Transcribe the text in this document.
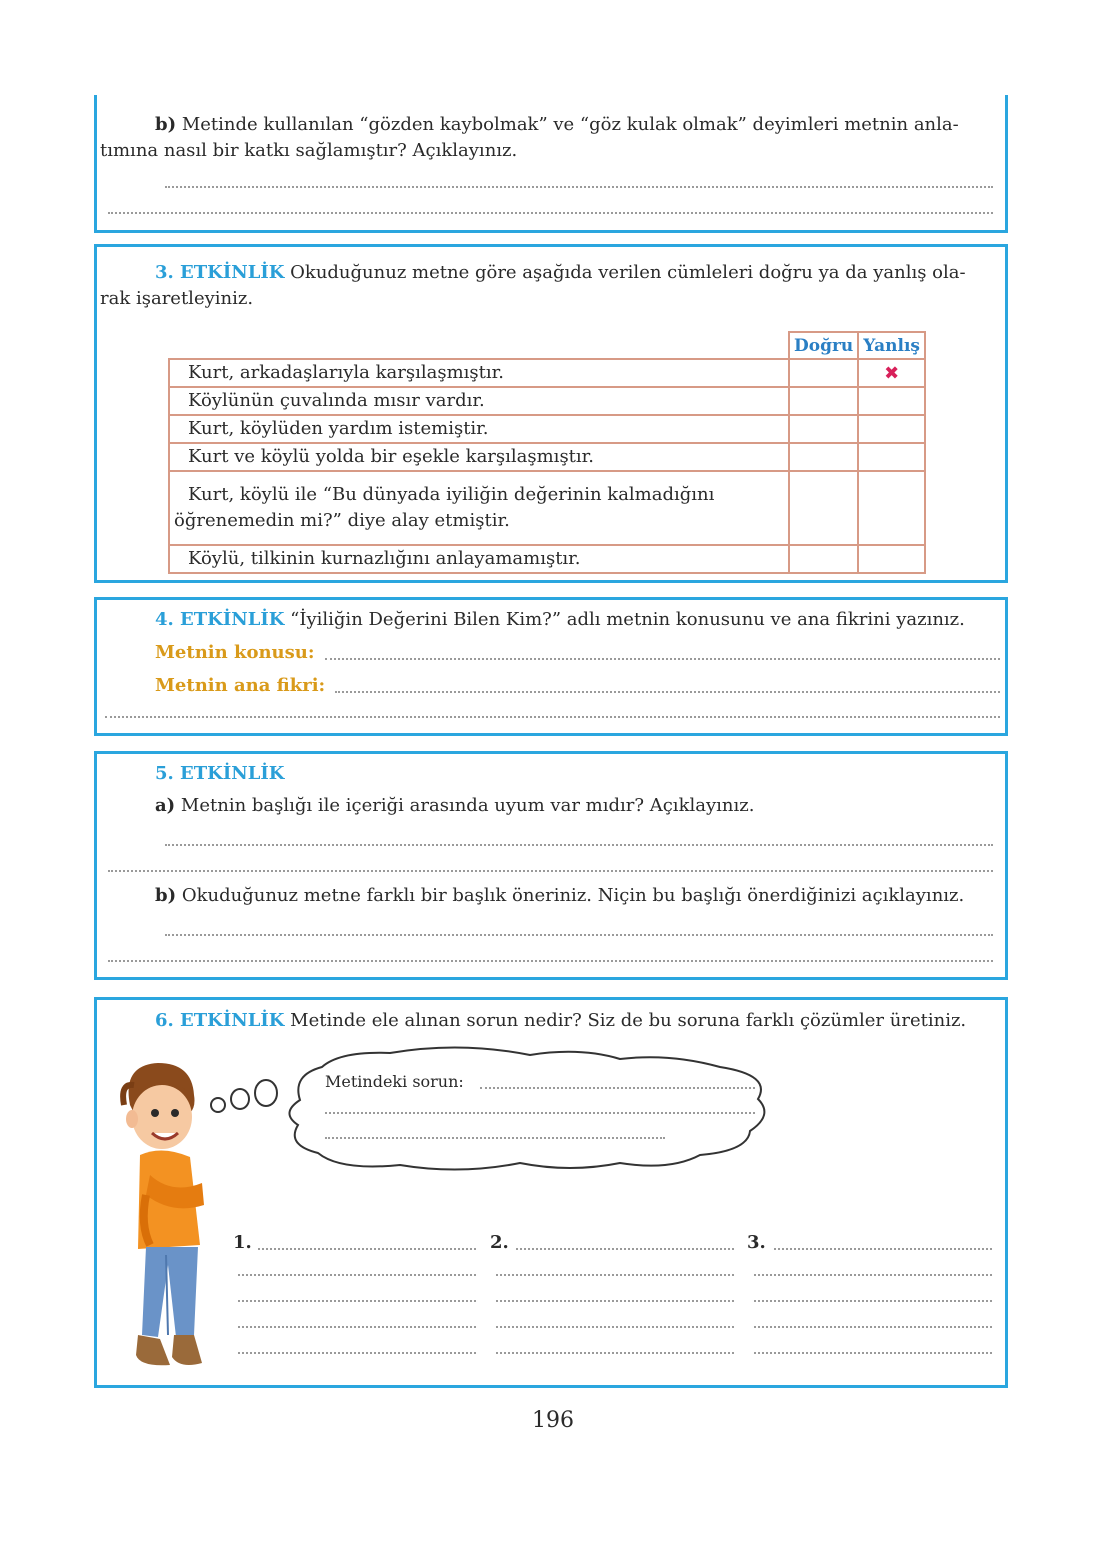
b) Metinde kullanılan “gözden kaybolmak” ve “göz kulak olmak” deyimleri metnin anla-
tımına nasıl bir katkı sağlamıştır? Açıklayınız.
3. ETKİNLİK Okuduğunuz metne göre aşağıda verilen cümleleri doğru ya da yanlış ola-
rak işaretleyiniz.
	Doğru	Yanlış
Kurt, arkadaşlarıyla karşılaşmıştır.		✖
Köylünün çuvalında mısır vardır.		
Kurt, köylüden yardım istemiştir.		
Kurt ve köylü yolda bir eşekle karşılaşmıştır.		

Kurt, köylü ile “Bu dünyada iyiliğin değerinin kalmadığını
öğrenemedin mi?” diye alay etmiştir.		

Köylü, tilkinin kurnazlığını anlayamamıştır.		
4. ETKİNLİK “İyiliğin Değerini Bilen Kim?” adlı metnin konusunu ve ana fikrini yazınız.
Metnin konusu:
Metnin ana fikri:
5. ETKİNLİK
a) Metnin başlığı ile içeriği arasında uyum var mıdır? Açıklayınız.
b) Okuduğunuz metne farklı bir başlık öneriniz. Niçin bu başlığı önerdiğinizi açıklayınız.
6. ETKİNLİK Metinde ele alınan sorun nedir? Siz de bu soruna farklı çözümler üretiniz.
Metindeki sorun:
1.	2.	3.
196
